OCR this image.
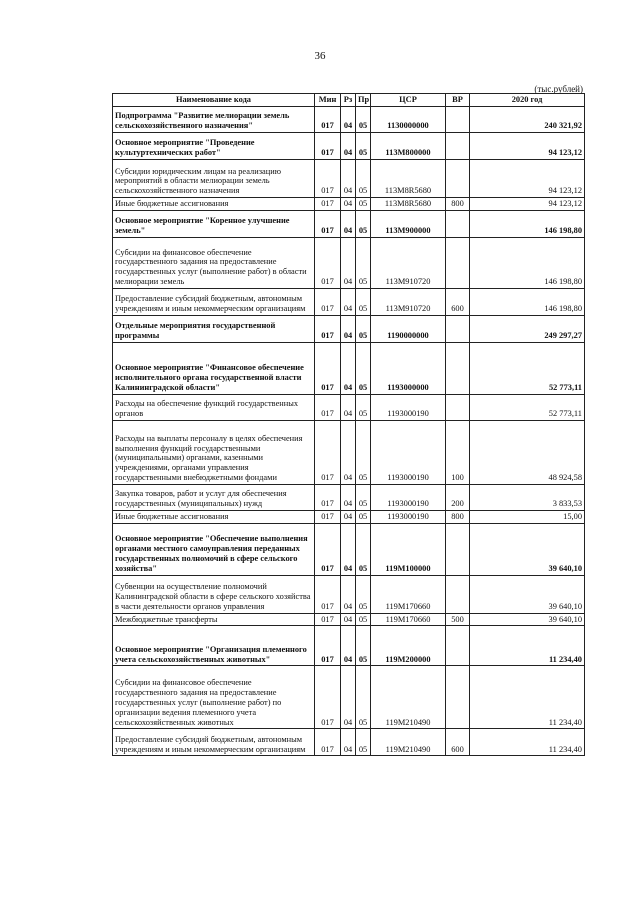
36
(тыс.рублей)
Наименование кода	Мин	Рз	Пр	ЦСР	ВР	2020 год
Подпрограмма "Развитие мелиорации земель сельскохозяйственного назначения"	017	04	05	1130000000		240 321,92
Основное мероприятие "Проведение культуртехнических работ"	017	04	05	113М800000		94 123,12
Субсидии юридическим лицам на реализацию мероприятий в области мелиорации земель сельскохозяйственного назначения	017	04	05	113М8R5680		94 123,12
Иные бюджетные ассигнования	017	04	05	113М8R5680	800	94 123,12
Основное мероприятие "Коренное улучшение земель"	017	04	05	113М900000		146 198,80
Субсидии на финансовое обеспечение государственного задания на предоставление государственных услуг (выполнение работ) в области мелиорации земель	017	04	05	113М910720		146 198,80
Предоставление субсидий бюджетным, автономным учреждениям и иным некоммерческим организациям	017	04	05	113М910720	600	146 198,80
Отдельные мероприятия государственной программы	017	04	05	1190000000		249 297,27
Основное мероприятие "Финансовое обеспечение исполнительного органа государственной власти Калининградской области"	017	04	05	1193000000		52 773,11
Расходы на обеспечение функций государственных органов	017	04	05	1193000190		52 773,11
Расходы на выплаты персоналу в целях обеспечения выполнения функций государственными (муниципальными) органами, казенными учреждениями, органами управления государственными внебюджетными фондами	017	04	05	1193000190	100	48 924,58
Закупка товаров, работ и услуг для обеспечения государственных (муниципальных) нужд	017	04	05	1193000190	200	3 833,53
Иные бюджетные ассигнования	017	04	05	1193000190	800	15,00
Основное мероприятие "Обеспечение выполнения органами местного самоуправления переданных государственных полномочий в сфере сельского хозяйства"	017	04	05	119М100000		39 640,10
Субвенции на осуществление полномочий Калининградской области в сфере сельского хозяйства в части деятельности органов управления	017	04	05	119М170660		39 640,10
Межбюджетные трансферты	017	04	05	119М170660	500	39 640,10
Основное мероприятие "Организация племенного учета сельскохозяйственных животных"	017	04	05	119М200000		11 234,40
Субсидии на финансовое обеспечение государственного задания на предоставление государственных услуг (выполнение работ) по организации ведения племенного учета сельскохозяйственных животных	017	04	05	119М210490		11 234,40
Предоставление субсидий бюджетным, автономным учреждениям и иным некоммерческим организациям	017	04	05	119М210490	600	11 234,40
